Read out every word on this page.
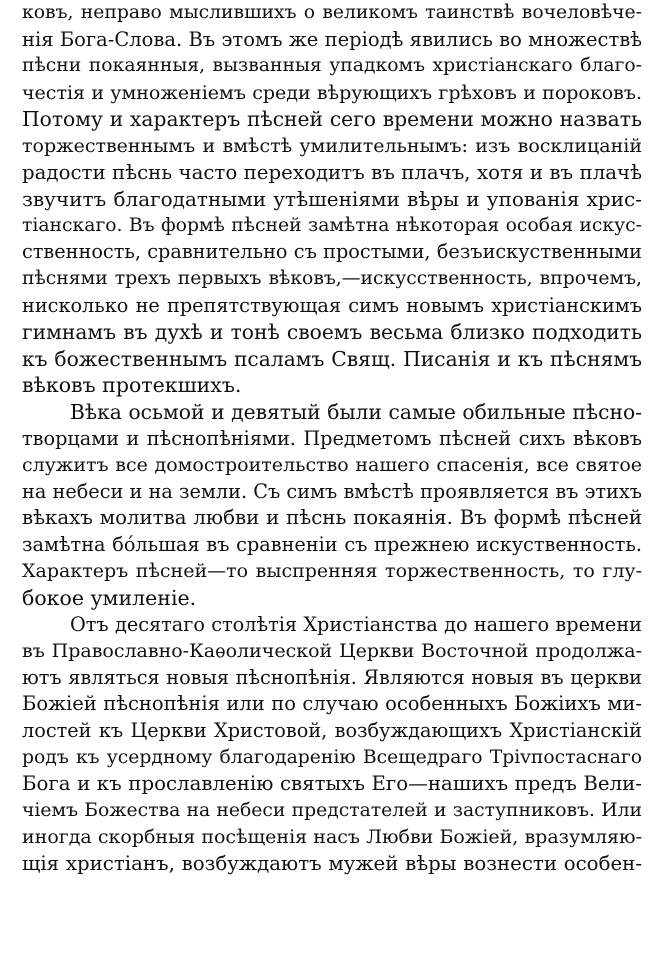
ковъ, неправо мыслившихъ о великомъ таинствѣ вочеловѣче-
нія Бога-Слова. Въ этомъ же періодѣ явились во множествѣ
пѣсни покаянныя, вызванныя упадкомъ христіанскаго благо-
честія и умноженіемъ среди вѣрующихъ грѣховъ и пороковъ.
Потому и характеръ пѣсней сего времени можно назвать
торжественнымъ и вмѣстѣ умилительнымъ: изъ восклицаній
радости пѣснь часто переходитъ въ плачъ, хотя и въ плачѣ
звучитъ благодатными утѣшеніями вѣры и упованія хрис-
тіанскаго. Въ формѣ пѣсней замѣтна нѣкоторая особая искус-
ственность, сравнительно съ простыми, безъискуственными
пѣснями трехъ первыхъ вѣковъ,—искусственность, впрочемъ,
нисколько не препятствующая симъ новымъ христіанскимъ
гимнамъ въ духѣ и тонѣ своемъ весьма близко подходить
къ божественнымъ псаламъ Свящ. Писанія и къ пѣснямъ
вѣковъ протекшихъ.
Вѣка осьмой и девятый были самые обильные пѣсно-
творцами и пѣснопѣніями. Предметомъ пѣсней сихъ вѣковъ
служитъ все домостроительство нашего спасенія, все святое
на небеси и на земли. Съ симъ вмѣстѣ проявляется въ этихъ
вѣкахъ молитва любви и пѣснь покаянія. Въ формѣ пѣсней
замѣтна бóльшая въ сравненіи съ прежнею искуственность.
Характеръ пѣсней—то выспренняя торжественность, то глу-
бокое умиленіе.
Отъ десятаго столѣтія Христіанства до нашего времени
въ Православно-Каѳолической Церкви Восточной продолжа-
ютъ являться новыя пѣснопѣнія. Являются новыя въ церкви
Божіей пѣснопѣнія или по случаю особенныхъ Божіихъ ми-
лостей къ Церкви Христовой, возбуждающихъ Христіанскій
родъ къ усердному благодаренію Всещедраго Тріvпостаснаго
Бога и къ прославленію святыхъ Его—нашихъ предъ Вели-
чіемъ Божества на небеси предстателей и заступниковъ. Или
иногда скорбныя посѣщенія насъ Любви Божіей, вразумляю-
щія христіанъ, возбуждаютъ мужей вѣры вознести особен-
